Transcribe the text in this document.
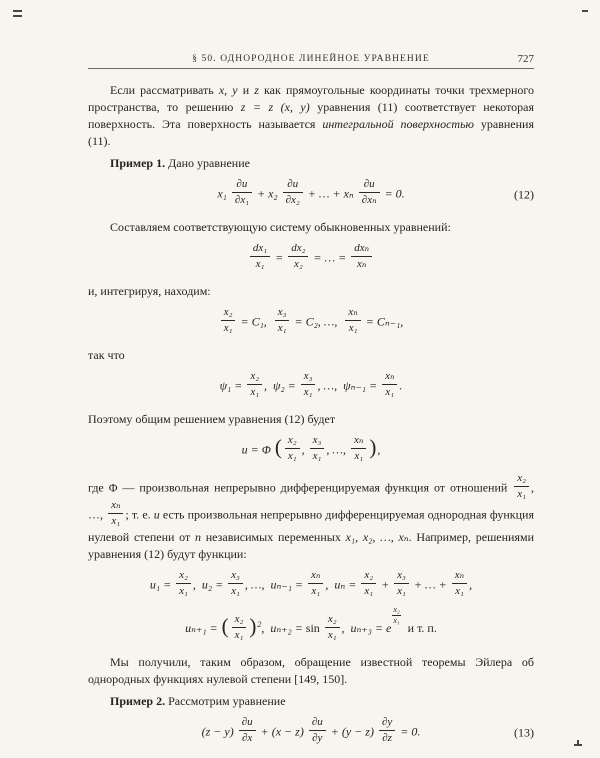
§ 50. ОДНОРОДНОЕ ЛИНЕЙНОЕ УРАВНЕНИЕ	727

Если рассматривать x, y и z как прямоугольные координаты точки трехмерного пространства, то решению z = z (x, y) уравнения (11) соответствует некоторая поверхность. Эта поверхность называется интегральной поверхностью уравнения (11).

Пример 1. Дано уравнение

$x_1 \frac{\partial u}{\text{∂x₁}} + x_2 \frac{\partial u}{\text{∂x₂}}$ + … + xₙ $\frac{\partial u}{\text{∂xₙ}} = 0$.	(12)

Составляем соответствующую систему обыкновенных уравнений:

$\frac{\text{dx₁}}{\text{x₁}} = \frac{\text{dx₂}}{\text{x₂}}$ = … = $\frac{\text{dxₙ}}{\text{xₙ}}$

и, интегрируя, находим:

$\frac{\text{x₂}}{\text{x₁}} = C_1$,  $\frac{\text{x₃}}{\text{x₁}} = C_2$, …,  $\frac{\text{xₙ}}{\text{x₁}} = C_{n-1}$,

так что

$\psi_1 = \frac{\text{x₂}}{\text{x₁}}$ , $\psi_2 = \frac{\text{x₃}}{\text{x₁}}$ , …, $\psi_{n-1} = \frac{\text{xₙ}}{\text{x₁}}$ .

Поэтому общим решением уравнения (12) будет

u = Φ ( $\frac{\text{x₂}}{\text{x₁}}$ , $\frac{\text{x₃}}{\text{x₁}}$ , …, $\frac{\text{xₙ}}{\text{x₁}}$ ),

где Φ — произвольная непрерывно дифференцируемая функция от отношений $\frac{\text{x₂}}{\text{x₁}}$ , …, $\frac{\text{xₙ}}{\text{x₁}}$ ; т. е. u есть произвольная непрерывно дифференцируемая однородная функция нулевой степени от n независимых переменных x₁, x₂, …, xₙ. Например, решениями уравнения (12) будут функции:

$u_1 = \frac{\text{x₂}}{\text{x₁}}$ , $u_2 = \frac{\text{x₃}}{\text{x₁}}$ , …, $u_{n-1} = \frac{\text{xₙ}}{\text{x₁}}$ , $u_n = \frac{\text{x₂}}{\text{x₁}} + \frac{\text{x₃}}{\text{x₁}}$ + … + $\frac{\text{xₙ}}{\text{x₁}}$ ,
uₙ₊₁ = ( $\frac{\text{x₂}}{\text{x₁}} )^2$, $u_{n+2} = \sin \frac{\text{x₂}}{\text{x₁}}$ , uₙ₊₃ = e
$\frac{\text{x₂}}{\text{x₁}}$
 и т. п.

Мы получили, таким образом, обращение известной теоремы Эйлера об однородных функциях нулевой степени [149, 150].

Пример 2. Рассмотрим уравнение

$(z - y) \frac{\partial u}{\partial x} + (x - z) \frac{\partial u}{\partial y} + (y - z) \frac{\partial y}{\partial z} = 0$.	(13)
